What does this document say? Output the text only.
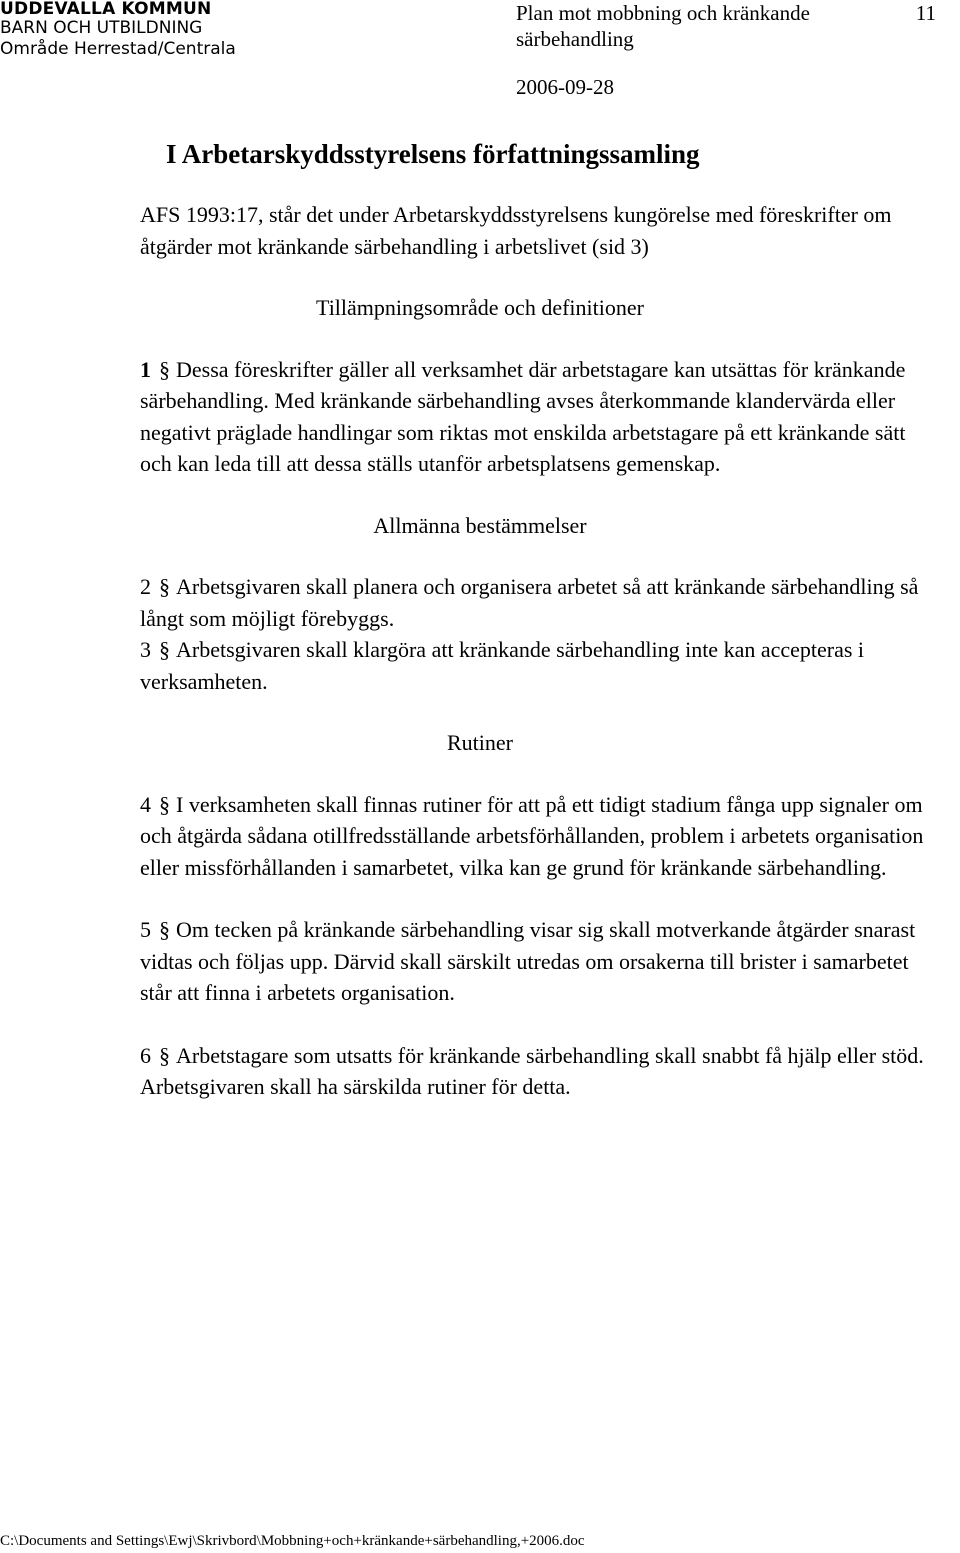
UDDEVALLA KOMMUN
BARN OCH UTBILDNING
Område Herrestad/Centrala
Plan mot mobbning och kränkande särbehandling
11
2006-09-28
I Arbetarskyddsstyrelsens författningssamling

AFS 1993:17, står det under Arbetarskyddsstyrelsens kungörelse med föreskrifter om åtgärder mot kränkande särbehandling i arbetslivet (sid 3)

Tillämpningsområde och definitioner

1 § Dessa föreskrifter gäller all verksamhet där arbetstagare kan utsättas för kränkande särbehandling. Med kränkande särbehandling avses återkommande klandervärda eller negativt präglade handlingar som riktas mot enskilda arbetstagare på ett kränkande sätt och kan leda till att dessa ställs utanför arbetsplatsens gemenskap.

Allmänna bestämmelser

2 § Arbetsgivaren skall planera och organisera arbetet så att kränkande särbehandling så långt som möjligt förebyggs.

3 § Arbetsgivaren skall klargöra att kränkande särbehandling inte kan accepteras i verksamheten.

Rutiner

4 § I verksamheten skall finnas rutiner för att på ett tidigt stadium fånga upp signaler om och åtgärda sådana otillfredsställande arbetsförhållanden, problem i arbetets organisation eller missförhållanden i samarbetet, vilka kan ge grund för kränkande särbehandling.

5 § Om tecken på kränkande särbehandling visar sig skall motverkande åtgärder snarast vidtas och följas upp. Därvid skall särskilt utredas om orsakerna till brister i samarbetet står att finna i arbetets organisation.

6 § Arbetstagare som utsatts för kränkande särbehandling skall snabbt få hjälp eller stöd. Arbetsgivaren skall ha särskilda rutiner för detta.

C:\Documents and Settings\Ewj\Skrivbord\Mobbning+och+kränkande+särbehandling,+2006.doc
